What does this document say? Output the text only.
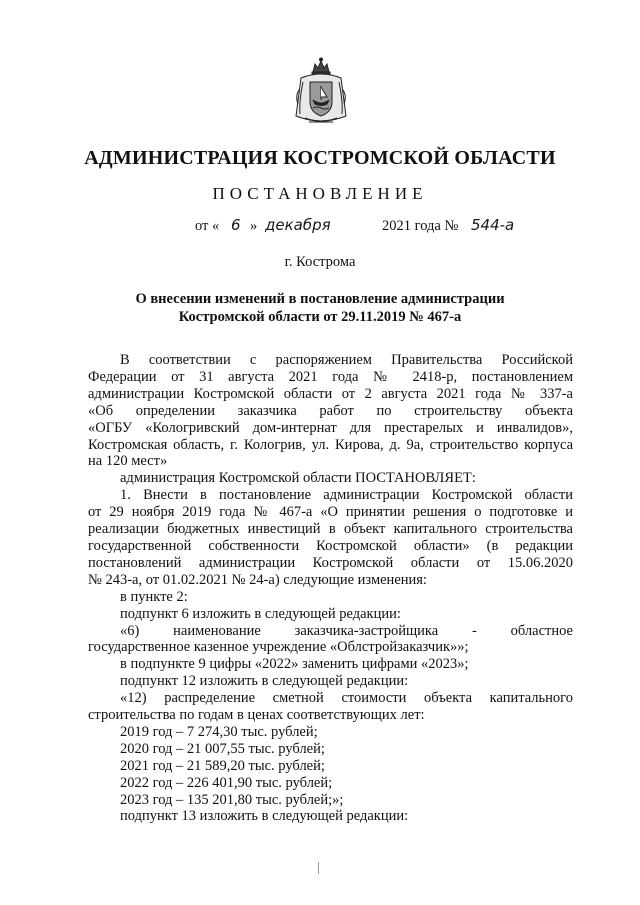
АДМИНИСТРАЦИЯ КОСТРОМСКОЙ ОБЛАСТИ
ПОСТАНОВЛЕНИЕ
от « 6 » декабря	2021 года № 544-а
г. Кострома
О внесении изменений в постановление администрации
Костромской области от 29.11.2019 № 467-а

В соответствии с распоряжением Правительства Российской

Федерации от 31 августа 2021 года № 2418-р, постановлением

администрации Костромской области от 2 августа 2021 года № 337-а

«Об определении заказчика работ по строительству объекта

«ОГБУ «Кологривский дом-интернат для престарелых и инвалидов»,

Костромская область, г. Кологрив, ул. Кирова, д. 9а, строительство корпуса

на 120 мест»

администрация Костромской области ПОСТАНОВЛЯЕТ:

1. Внести в постановление администрации Костромской области

от 29 ноября 2019 года № 467-а «О принятии решения о подготовке и

реализации бюджетных инвестиций в объект капитального строительства

государственной собственности Костромской области» (в редакции

постановлений администрации Костромской области от 15.06.2020

№ 243-а, от 01.02.2021 № 24-а) следующие изменения:

в пункте 2:

подпункт 6 изложить в следующей редакции:

«6) наименование заказчика-застройщика - областное

государственное казенное учреждение «Облстройзаказчик»»;

в подпункте 9 цифры «2022» заменить цифрами «2023»;

подпункт 12 изложить в следующей редакции:

«12) распределение сметной стоимости объекта капитального

строительства по годам в ценах соответствующих лет:

2019 год – 7 274,30 тыс. рублей;

2020 год – 21 007,55 тыс. рублей;

2021 год – 21 589,20 тыс. рублей;

2022 год – 226 401,90 тыс. рублей;

2023 год – 135 201,80 тыс. рублей;»;

подпункт 13 изложить в следующей редакции:
